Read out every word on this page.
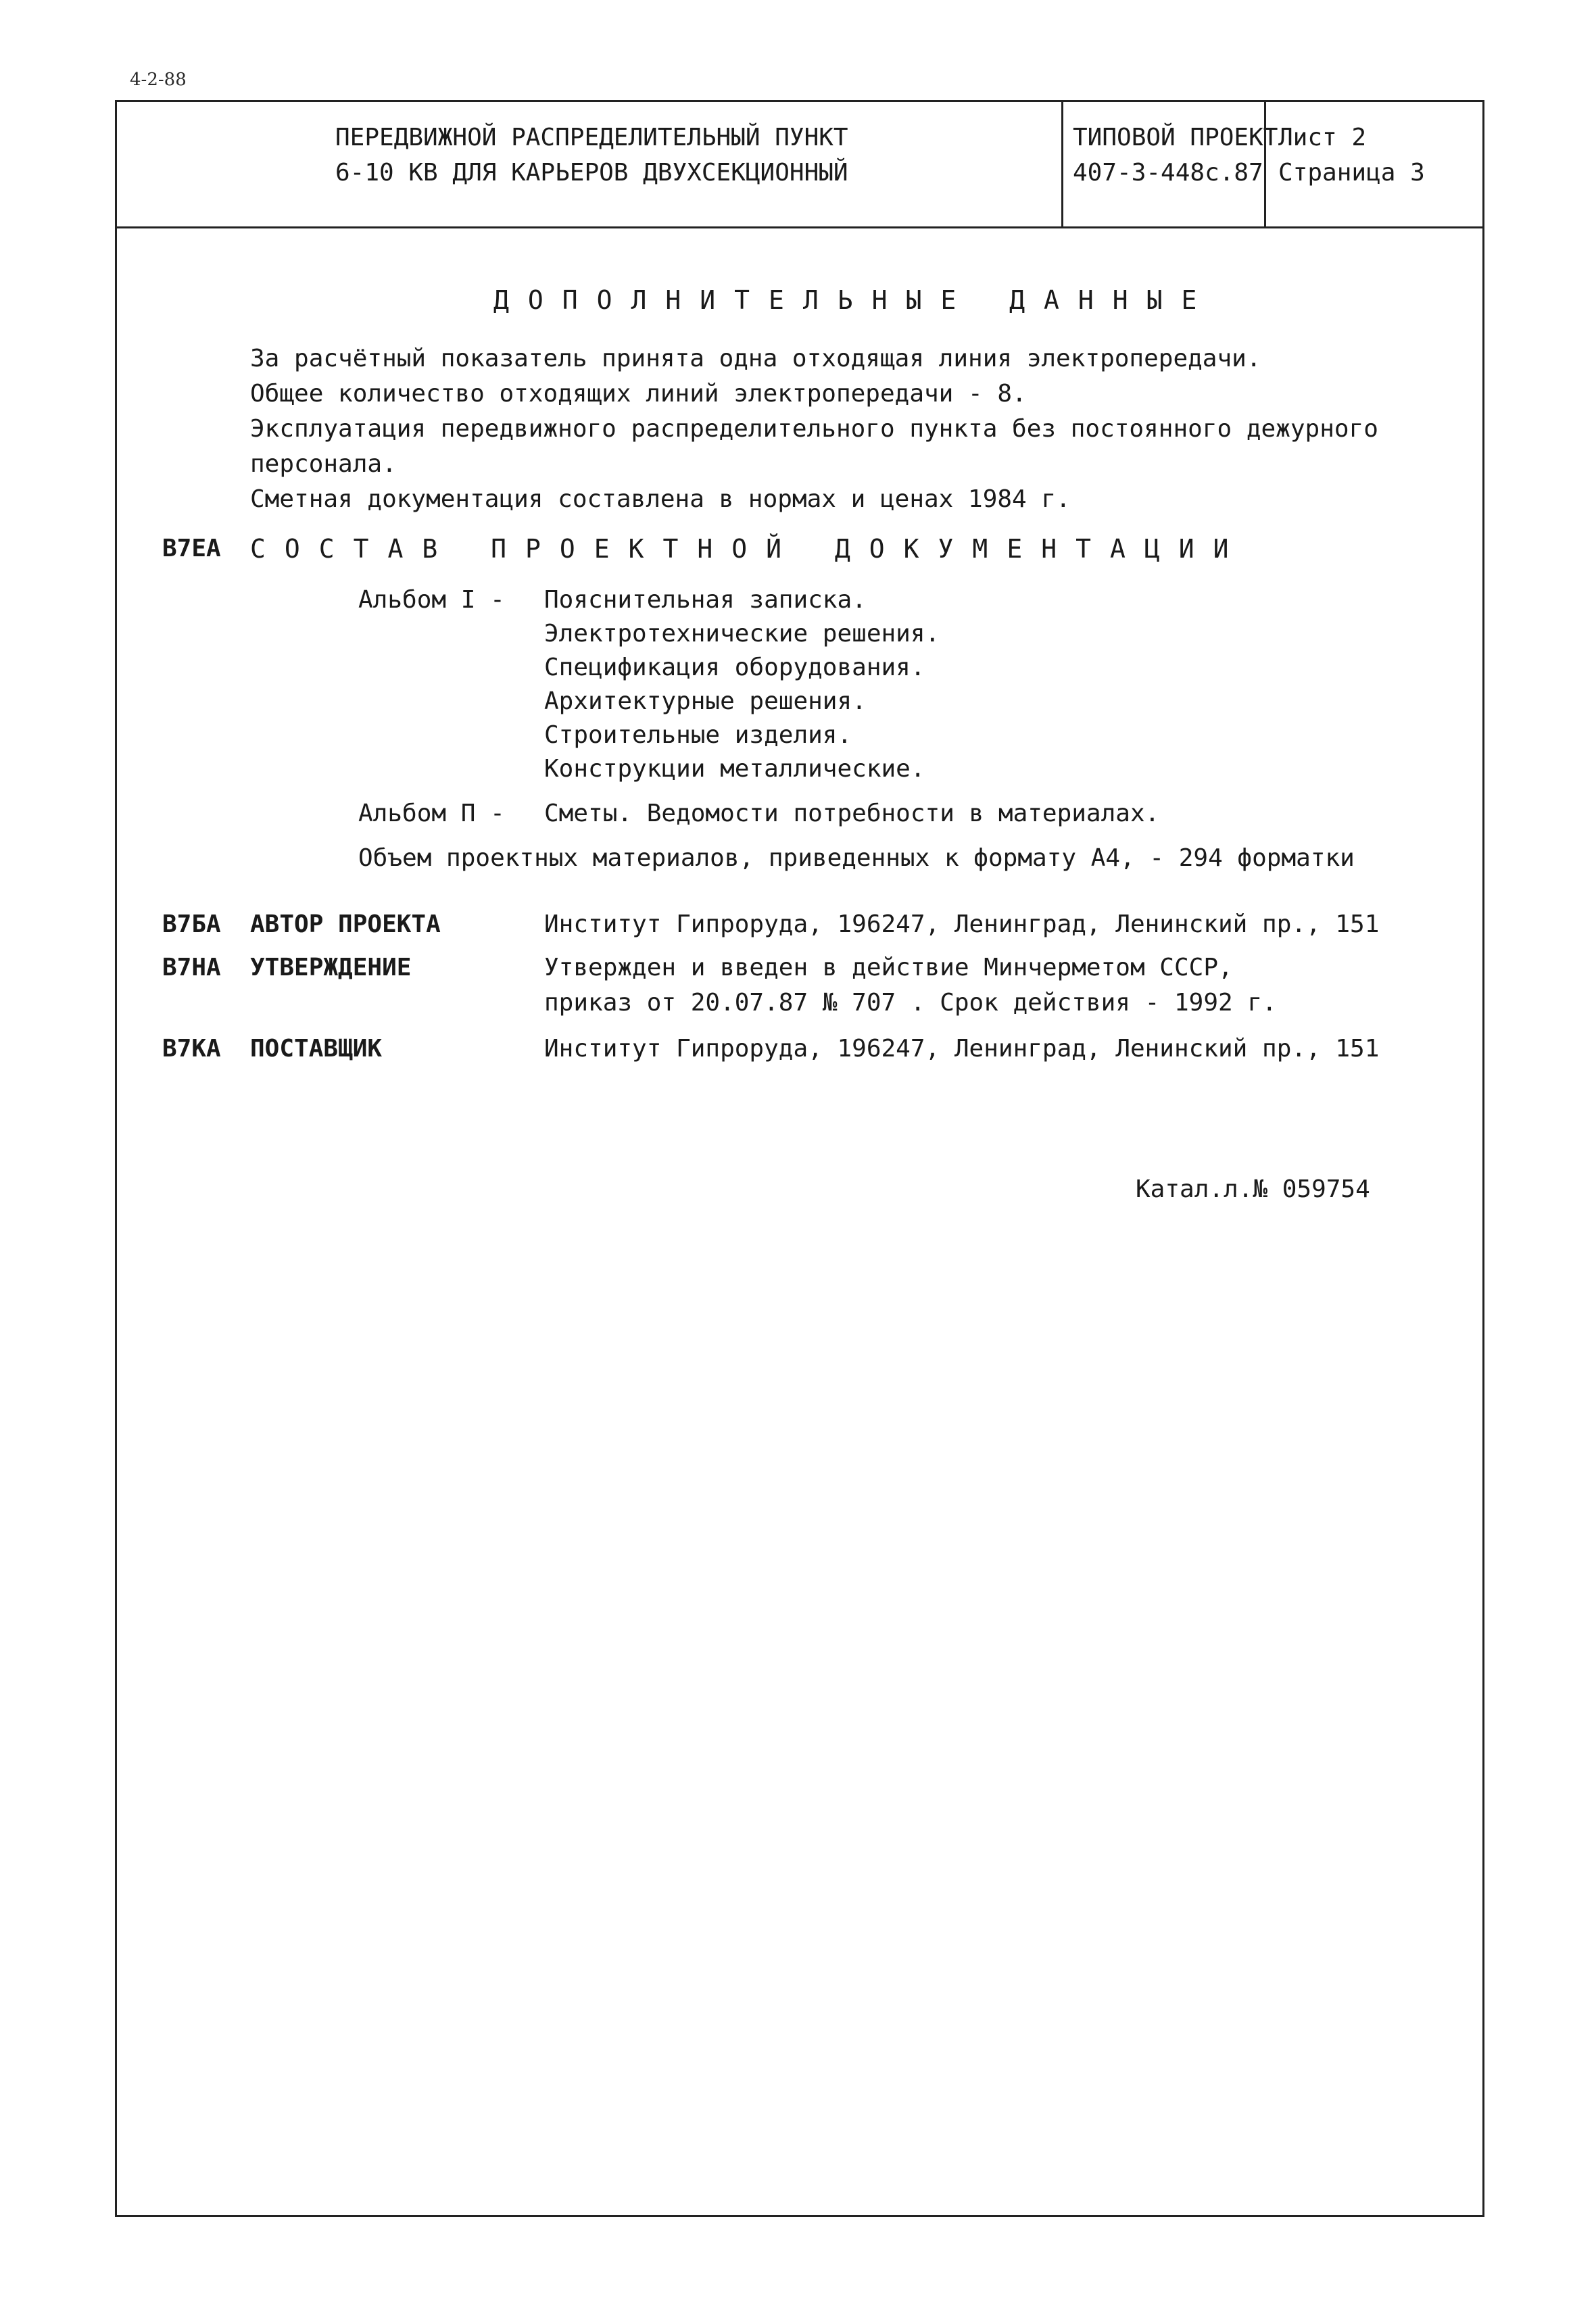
4-2-88
ПЕРЕДВИЖНОЙ РАСПРЕДЕЛИТЕЛЬНЫЙ ПУНКТ
6-10 КВ ДЛЯ КАРЬЕРОВ ДВУХСЕКЦИОННЫЙ
ТИПОВОЙ ПРОЕКТ
407-3-448с.87
Лист 2
Страница 3
ДОПОЛНИТЕЛЬНЫЕ ДАННЫЕ
За расчётный показатель принята одна отходящая линия электропередачи.
Общее количество отходящих линий электропередачи - 8.
Эксплуатация передвижного распределительного пункта без постоянного дежурного
персонала.
Сметная документация составлена в нормах и ценах 1984 г.
B7EA СОСТАВ ПРОЕКТНОЙ ДОКУМЕНТАЦИИ
Альбом I - Пояснительная записка.
Электротехнические решения.
Спецификация оборудования.
Архитектурные решения.
Строительные изделия.
Конструкции металлические.
Альбом П - Сметы. Ведомости потребности в материалах.
Объем проектных материалов, приведенных к формату А4, - 294 форматки
B7БA АВТОР ПРОЕКТА	Институт Гипроруда, 196247, Ленинград, Ленинский пр., 151
B7HA УТВЕРЖДЕНИЕ	Утвержден и введен в действие Минчерметом СССР,
приказ от 20.07.87 № 707 . Срок действия - 1992 г.
B7KA ПОСТАВЩИК	Институт Гипроруда, 196247, Ленинград, Ленинский пр., 151
Катал.л.№ 059754
